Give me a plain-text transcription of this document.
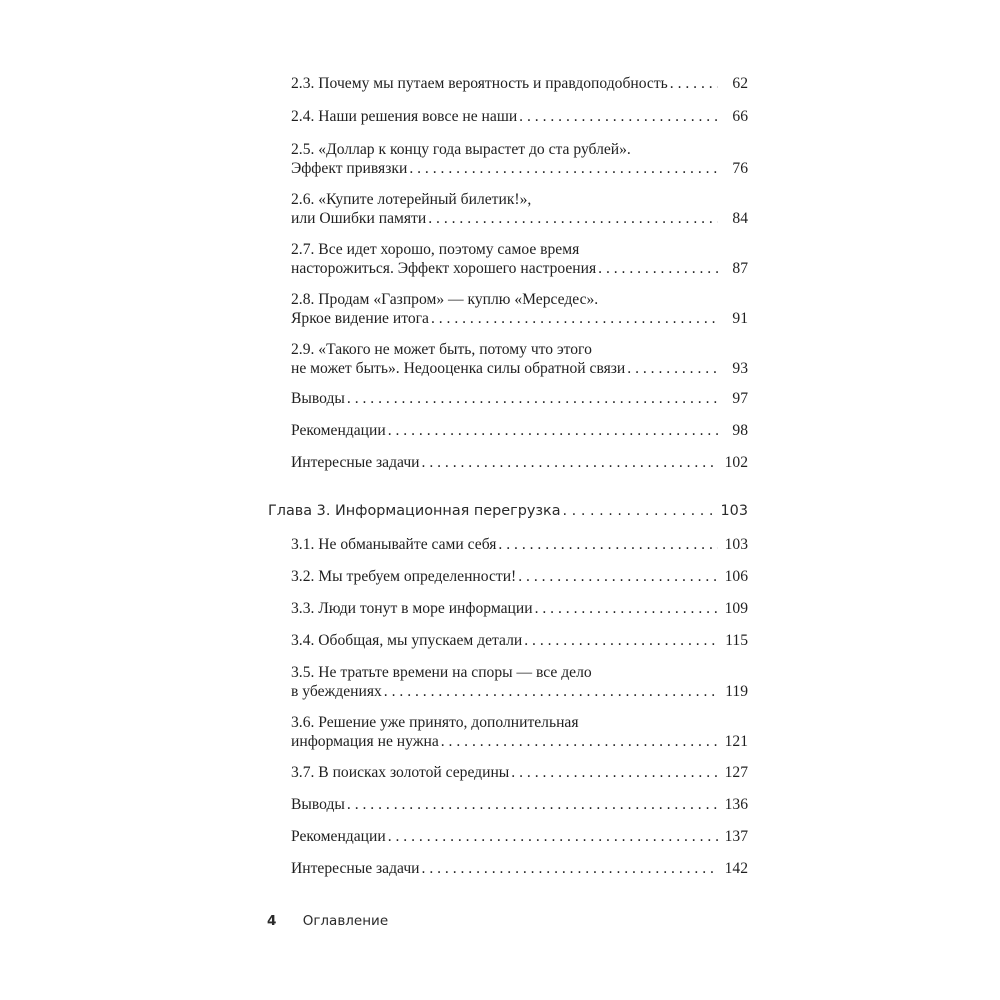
2.3. Почему мы путаем вероятность и правдоподобность . . .	62
2.4. Наши решения вовсе не наши . . .	66
2.5. «Доллар к концу года вырастет до ста рублей».
Эффект привязки . . .	76
2.6. «Купите лотерейный билетик!»,
или Ошибки памяти . . .	84
2.7. Все идет хорошо, поэтому самое время
насторожиться. Эффект хорошего настроения . . .	87
2.8. Продам «Газпром» — куплю «Мерседес».
Яркое видение итога . . .	91
2.9. «Такого не может быть, потому что этого
не может быть». Недооценка силы обратной связи . . .	93
Выводы . . .	97
Рекомендации . . .	98
Интересные задачи . . .	102
Глава 3. Информационная перегрузка . . .	103
3.1. Не обманывайте сами себя . . .	103
3.2. Мы требуем определенности! . . .	106
3.3. Люди тонут в море информации . . .	109
3.4. Обобщая, мы упускаем детали . . .	115
3.5. Не тратьте времени на споры — все дело
в убеждениях . . .	119
3.6. Решение уже принято, дополнительная
информация не нужна . . .	121
3.7. В поисках золотой середины . . .	127
Выводы . . .	136
Рекомендации . . .	137
Интересные задачи . . .	142
4 Оглавление
